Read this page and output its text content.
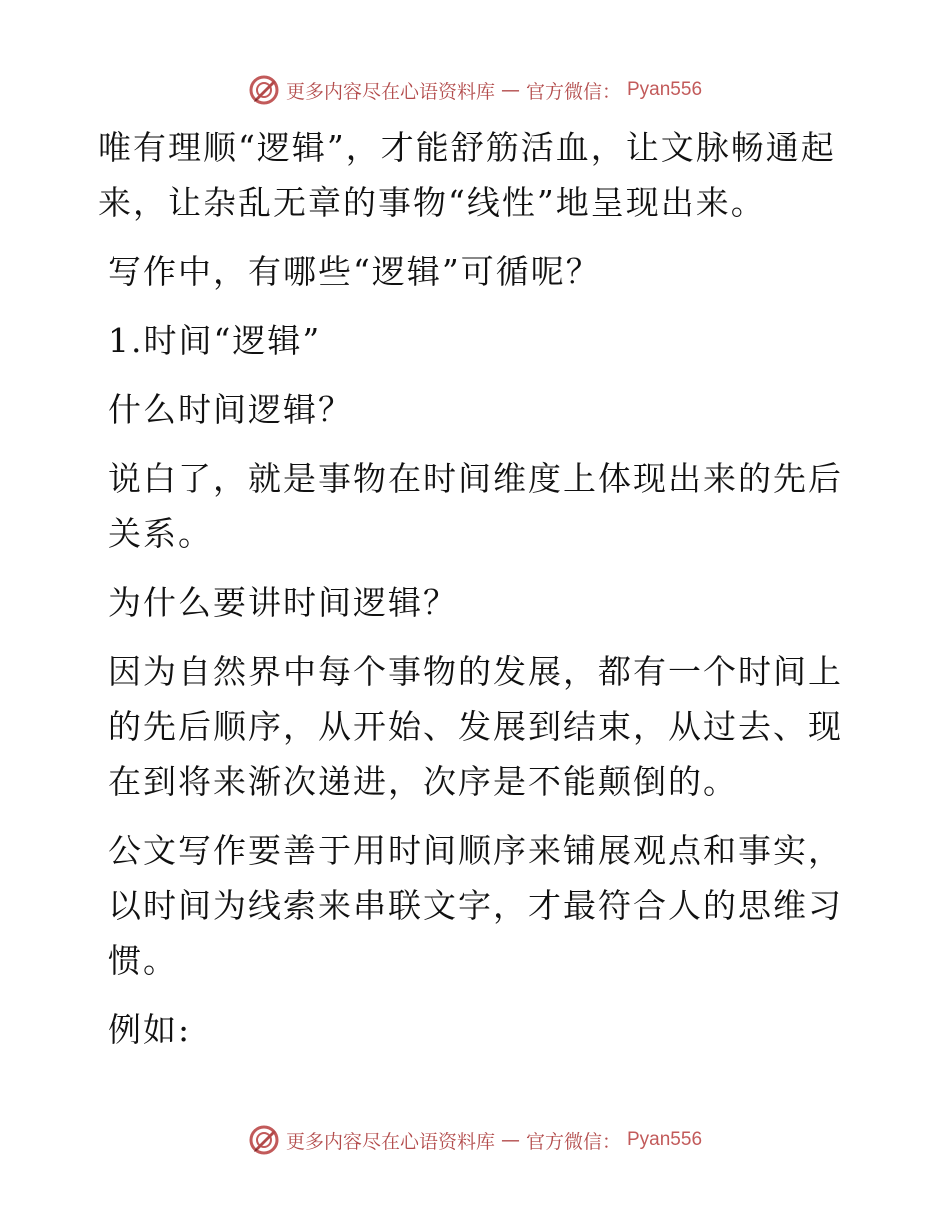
更多内容尽在心语资料库 — 官方微信： Pyan556

唯有理顺“逻辑”，才能舒筋活血，让文脉畅通起来，让杂乱无章的事物“线性”地呈现出来。

写作中，有哪些“逻辑”可循呢？

1.时间“逻辑”

什么时间逻辑？

说白了，就是事物在时间维度上体现出来的先后关系。

为什么要讲时间逻辑？

因为自然界中每个事物的发展，都有一个时间上的先后顺序，从开始、发展到结束，从过去、现在到将来渐次递进，次序是不能颠倒的。

公文写作要善于用时间顺序来铺展观点和事实，以时间为线索来串联文字，才最符合人的思维习惯。

例如:

更多内容尽在心语资料库 — 官方微信： Pyan556
